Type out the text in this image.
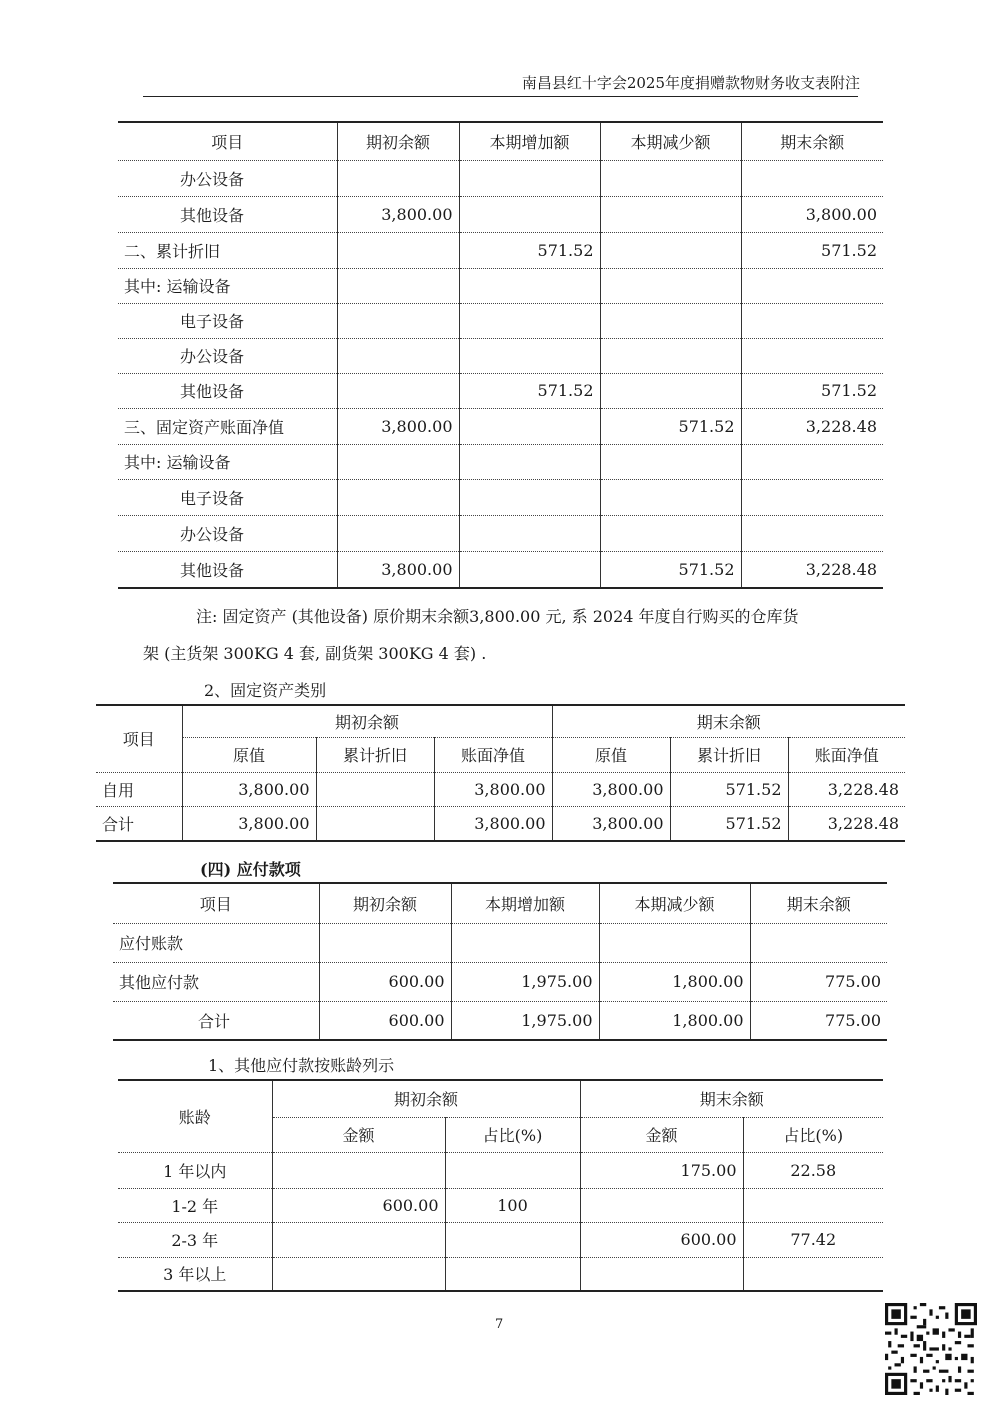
南昌县红十字会2025年度捐赠款物财务收支表附注
项目	期初余额	本期增加额	本期减少额	期末余额
办公设备				
其他设备	3,800.00			3,800.00
二、累计折旧		571.52		571.52
其中: 运输设备				
电子设备				
办公设备				
其他设备		571.52		571.52
三、固定资产账面净值	3,800.00		571.52	3,228.48
其中: 运输设备				
电子设备				
办公设备				
其他设备	3,800.00		571.52	3,228.48
注: 固定资产 (其他设备) 原价期末余额3,800.00 元, 系 2024 年度自行购买的仓库货
架 (主货架 300KG 4 套, 副货架 300KG 4 套) .
2、固定资产类别
项目	期初余额			期末余额		
	原值	累计折旧	账面净值	原值	累计折旧	账面净值
自用	3,800.00		3,800.00	3,800.00	571.52	3,228.48
合计	3,800.00		3,800.00	3,800.00	571.52	3,228.48
(四) 应付款项
项目	期初余额	本期增加额	本期减少额	期末余额
应付账款				
其他应付款	600.00	1,975.00	1,800.00	775.00
合计	600.00	1,975.00	1,800.00	775.00
1、其他应付款按账龄列示
账龄	期初余额		期末余额	
	金额	占比(%)	金额	占比(%)
1 年以内			175.00	22.58
1-2 年	600.00	100		
2-3 年			600.00	77.42
3 年以上				
7
